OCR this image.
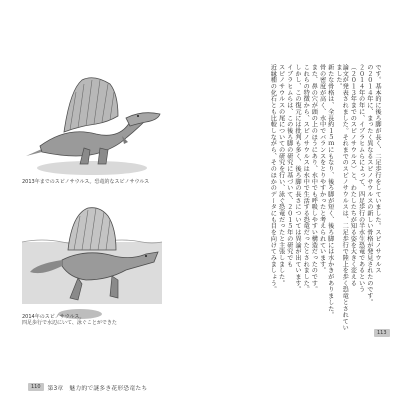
2013年までのスピノサウルス。恐竜的なスピノサウルス
2014年のスピノサウルス。
四足歩行で水辺にいて、泳ぐことができた
110	第3章　魅力的で謎多き花形恐竜たち
です。基本的に後ろ脚が長く、二足歩行をしていました。スピノサウルス
の２０１４年に、まったく異なるスピノサウルスの新しい骨格が発見されたのです。
２０１４年の年に、イブラヒムらによって、四足歩行の半水生恐竜であるという
（２０１３年までのスピノサウルス）と、わたしたちが知る姿を大きく変える
論文が発表されました。それまでのスピノサウルスは、二足歩行で陸上を歩く恐竜とされていました。
新たな骨格は、全長約１５ｍにもなり、後ろ脚が短く、後ろ脚には水かきがありました。
骨の密度が高く、水中でバランスをとりやすかったと考えられています。
また、鼻の穴が頭の上のほうにあり、水中でも呼吸しやすい構造だったのです。
これらの特徴から、スピノサウルスは水中で生活する恐竜だったとされました。
しかし、この復元には批判も多く、後ろ脚の長さについては異論が出ています。
イブラヒムらは、この後ろ脚の研究に基づいて、２０１５年の研究でも
スピノサウルスの尾についての研究を行い、泳ぐ恐竜だったと主張しました。
近縁種の化石とも比較しながら、そのほかのデータにも目を向けてみましょう。
113
